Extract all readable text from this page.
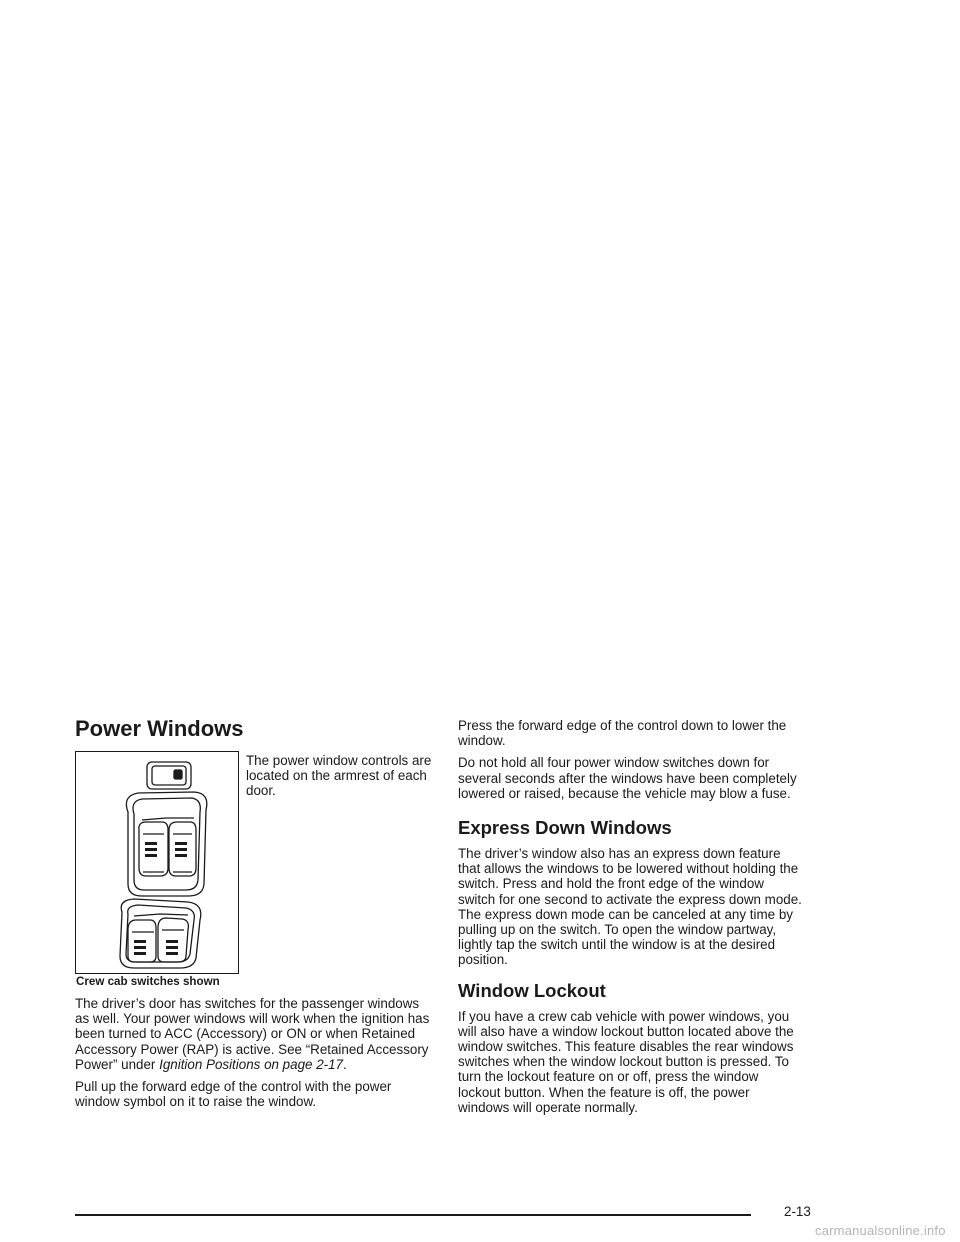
Power Windows
Crew cab switches shown

The power window controls are located on the armrest of each door.

The driver’s door has switches for the passenger windows as well. Your power windows will work when the ignition has been turned to ACC (Accessory) or ON or when Retained Accessory Power (RAP) is active. See “Retained Accessory Power” under Ignition Positions on page 2-17.

Pull up the forward edge of the control with the power window symbol on it to raise the window.

Press the forward edge of the control down to lower the window.

Do not hold all four power window switches down for several seconds after the windows have been completely lowered or raised, because the vehicle may blow a fuse.

Express Down Windows

The driver’s window also has an express down feature that allows the windows to be lowered without holding the switch. Press and hold the front edge of the window switch for one second to activate the express down mode. The express down mode can be canceled at any time by pulling up on the switch. To open the window partway, lightly tap the switch until the window is at the desired position.

Window Lockout

If you have a crew cab vehicle with power windows, you will also have a window lockout button located above the window switches. This feature disables the rear windows switches when the window lockout button is pressed. To turn the lockout feature on or off, press the window lockout button. When the feature is off, the power windows will operate normally.

2-13
carmanualsonline.info
